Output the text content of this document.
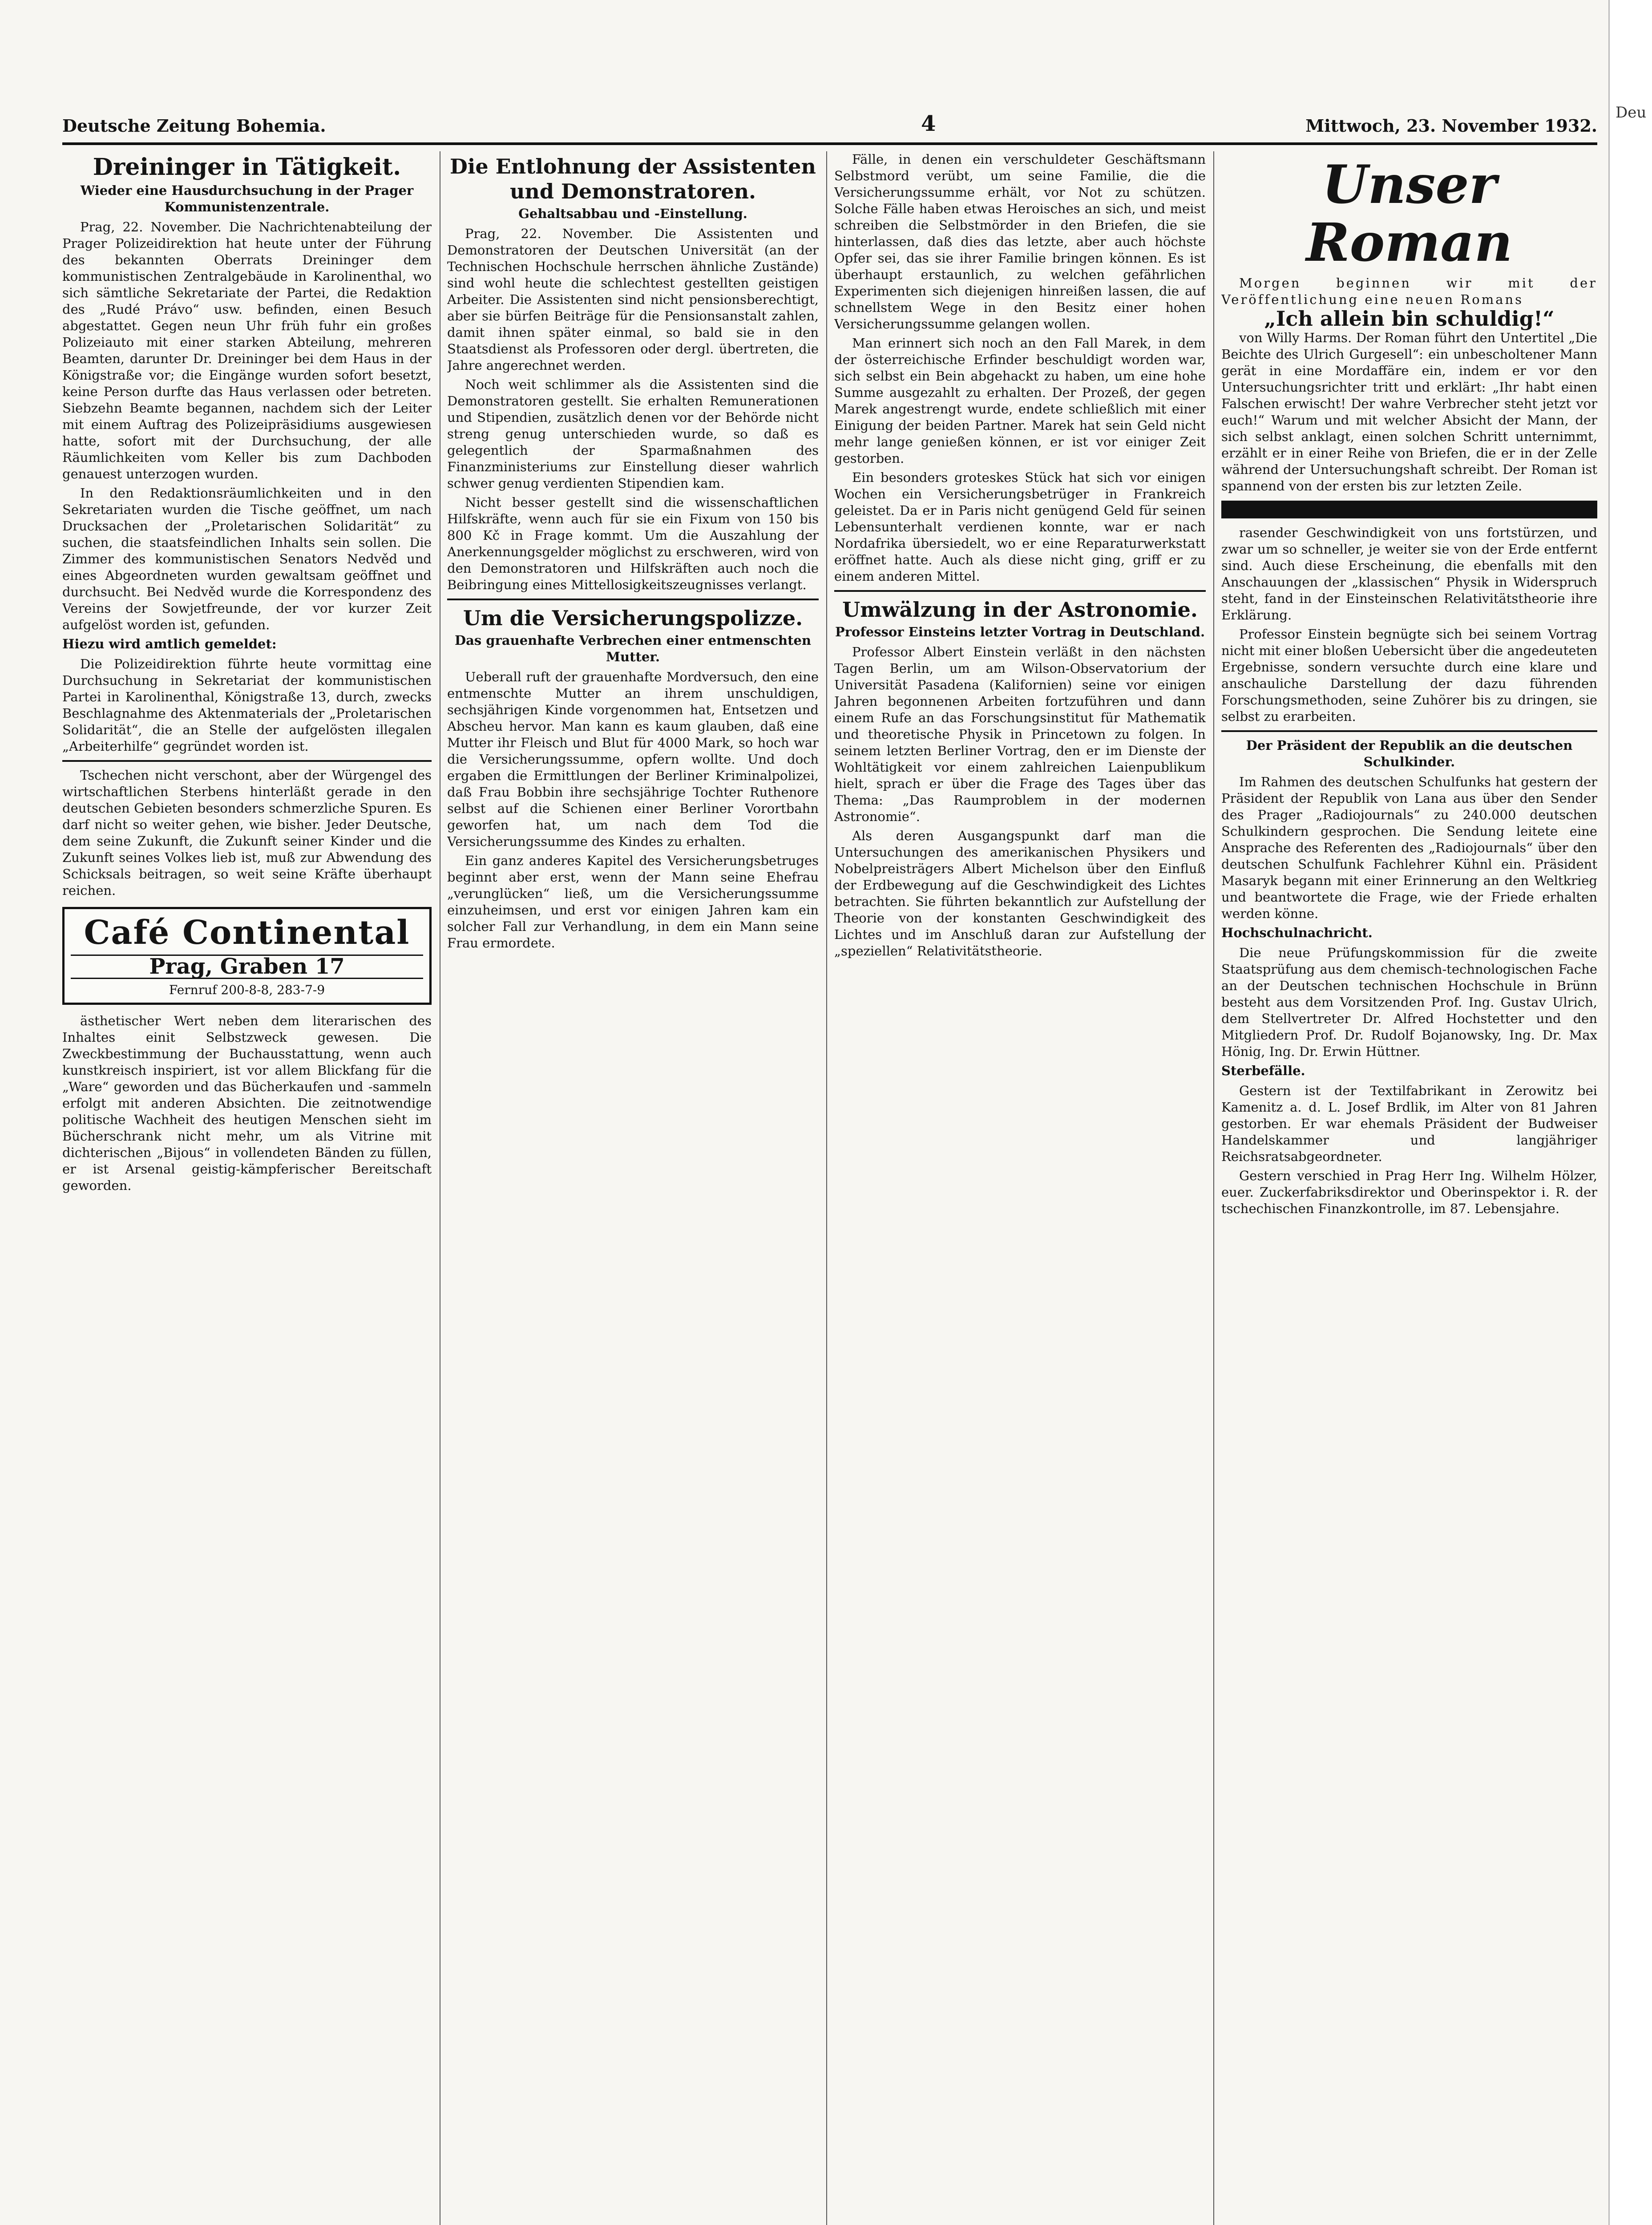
Deutsche Zeitung Bohemia.	4	Mittwoch, 23. November 1932.
Dreininger in Tätigkeit.
Wieder eine Hausdurchsuchung in der Prager Kommunistenzentrale.

Prag, 22. November. Die Nachrichtenabteilung der Prager Polizeidirektion hat heute unter der Führung des bekannten Oberrats Dreininger dem kommunistischen Zentralgebäude in Karolinenthal, wo sich sämtliche Sekretariate der Partei, die Redaktion des „Rudé Právo“ usw. befinden, einen Besuch abgestattet. Gegen neun Uhr früh fuhr ein großes Polizeiauto mit einer starken Abteilung, mehreren Beamten, darunter Dr. Dreininger bei dem Haus in der Königstraße vor; die Eingänge wurden sofort besetzt, keine Person durfte das Haus verlassen oder betreten. Siebzehn Beamte begannen, nachdem sich der Leiter mit einem Auftrag des Polizeipräsidiums ausgewiesen hatte, sofort mit der Durchsuchung, der alle Räumlichkeiten vom Keller bis zum Dachboden genauest unterzogen wurden.

In den Redaktionsräumlichkeiten und in den Sekretariaten wurden die Tische geöffnet, um nach Drucksachen der „Proletarischen Solidarität“ zu suchen, die staatsfeindlichen Inhalts sein sollen. Die Zimmer des kommunistischen Senators Nedvěd und eines Abgeordneten wurden gewaltsam geöffnet und durchsucht. Bei Nedvěd wurde die Korrespondenz des Vereins der Sowjetfreunde, der vor kurzer Zeit aufgelöst worden ist, gefunden.

Hiezu wird amtlich gemeldet:

Die Polizeidirektion führte heute vormittag eine Durchsuchung in Sekretariat der kommunistischen Partei in Karolinenthal, Königstraße 13, durch, zwecks Beschlagnahme des Aktenmaterials der „Proletarischen Solidarität“, die an Stelle der aufgelösten illegalen „Arbeiterhilfe“ gegründet worden ist.

Tschechen nicht verschont, aber der Würgengel des wirtschaftlichen Sterbens hinterläßt gerade in den deutschen Gebieten besonders schmerzliche Spuren. Es darf nicht so weiter gehen, wie bisher. Jeder Deutsche, dem seine Zukunft, die Zukunft seiner Kinder und die Zukunft seines Volkes lieb ist, muß zur Abwendung des Schicksals beitragen, so weit seine Kräfte überhaupt reichen.

Café Continental
Prag, Graben 17
Fernruf 200-8-8, 283-7-9

ästhetischer Wert neben dem literarischen des Inhaltes einit Selbstzweck gewesen. Die Zweckbestimmung der Buchausstattung, wenn auch kunstkreisch inspiriert, ist vor allem Blickfang für die „Ware“ geworden und das Bücherkaufen und -sammeln erfolgt mit anderen Absichten. Die zeitnotwendige politische Wachheit des heutigen Menschen sieht im Bücherschrank nicht mehr, um als Vitrine mit dichterischen „Bijous“ in vollendeten Bänden zu füllen, er ist Arsenal geistig-kämpferischer Bereitschaft geworden.

Die Entlohnung der Assistenten und Demonstratoren.
Gehaltsabbau und -Einstellung.

Prag, 22. November. Die Assistenten und Demonstratoren der Deutschen Universität (an der Technischen Hochschule herrschen ähnliche Zustände) sind wohl heute die schlechtest gestellten geistigen Arbeiter. Die Assistenten sind nicht pensionsberechtigt, aber sie bürfen Beiträge für die Pensionsanstalt zahlen, damit ihnen später einmal, so bald sie in den Staatsdienst als Professoren oder dergl. übertreten, die Jahre angerechnet werden.

Noch weit schlimmer als die Assistenten sind die Demonstratoren gestellt. Sie erhalten Remunerationen und Stipendien, zusätzlich denen vor der Behörde nicht streng genug unterschieden wurde, so daß es gelegentlich der Sparmaßnahmen des Finanzministeriums zur Einstellung dieser wahrlich schwer genug verdienten Stipendien kam.

Nicht besser gestellt sind die wissenschaftlichen Hilfskräfte, wenn auch für sie ein Fixum von 150 bis 800 Kč in Frage kommt. Um die Auszahlung der Anerkennungsgelder möglichst zu erschweren, wird von den Demonstratoren und Hilfskräften auch noch die Beibringung eines Mittellosigkeitszeugnisses verlangt.

Um die Versicherungspolizze.
Das grauenhafte Verbrechen einer entmenschten Mutter.

Ueberall ruft der grauenhafte Mordversuch, den eine entmenschte Mutter an ihrem unschuldigen, sechsjährigen Kinde vorgenommen hat, Entsetzen und Abscheu hervor. Man kann es kaum glauben, daß eine Mutter ihr Fleisch und Blut für 4000 Mark, so hoch war die Versicherungssumme, opfern wollte. Und doch ergaben die Ermittlungen der Berliner Kriminalpolizei, daß Frau Bobbin ihre sechsjährige Tochter Ruthenore selbst auf die Schienen einer Berliner Vorortbahn geworfen hat, um nach dem Tod die Versicherungssumme des Kindes zu erhalten.

Ein ganz anderes Kapitel des Versicherungsbetruges beginnt aber erst, wenn der Mann seine Ehefrau „verunglücken“ ließ, um die Versicherungssumme einzuheimsen, und erst vor einigen Jahren kam ein solcher Fall zur Verhandlung, in dem ein Mann seine Frau ermordete.

Fälle, in denen ein verschuldeter Geschäftsmann Selbstmord verübt, um seine Familie, die die Versicherungssumme erhält, vor Not zu schützen. Solche Fälle haben etwas Heroisches an sich, und meist schreiben die Selbstmörder in den Briefen, die sie hinterlassen, daß dies das letzte, aber auch höchste Opfer sei, das sie ihrer Familie bringen können. Es ist überhaupt erstaunlich, zu welchen gefährlichen Experimenten sich diejenigen hinreißen lassen, die auf schnellstem Wege in den Besitz einer hohen Versicherungssumme gelangen wollen.

Man erinnert sich noch an den Fall Marek, in dem der österreichische Erfinder beschuldigt worden war, sich selbst ein Bein abgehackt zu haben, um eine hohe Summe ausgezahlt zu erhalten. Der Prozeß, der gegen Marek angestrengt wurde, endete schließlich mit einer Einigung der beiden Partner. Marek hat sein Geld nicht mehr lange genießen können, er ist vor einiger Zeit gestorben.

Ein besonders groteskes Stück hat sich vor einigen Wochen ein Versicherungsbetrüger in Frankreich geleistet. Da er in Paris nicht genügend Geld für seinen Lebensunterhalt verdienen konnte, war er nach Nordafrika übersiedelt, wo er eine Reparaturwerkstatt eröffnet hatte. Auch als diese nicht ging, griff er zu einem anderen Mittel.

Umwälzung in der Astronomie.
Professor Einsteins letzter Vortrag in Deutschland.

Professor Albert Einstein verläßt in den nächsten Tagen Berlin, um am Wilson-Observatorium der Universität Pasadena (Kalifornien) seine vor einigen Jahren begonnenen Arbeiten fortzuführen und dann einem Rufe an das Forschungsinstitut für Mathematik und theoretische Physik in Princetown zu folgen. In seinem letzten Berliner Vortrag, den er im Dienste der Wohltätigkeit vor einem zahlreichen Laienpublikum hielt, sprach er über die Frage des Tages über das Thema: „Das Raumproblem in der modernen Astronomie“.

Als deren Ausgangspunkt darf man die Untersuchungen des amerikanischen Physikers und Nobelpreisträgers Albert Michelson über den Einfluß der Erdbewegung auf die Geschwindigkeit des Lichtes betrachten. Sie führten bekanntlich zur Aufstellung der Theorie von der konstanten Geschwindigkeit des Lichtes und im Anschluß daran zur Aufstellung der „speziellen“ Relativitätstheorie.

Unser Roman

Morgen beginnen wir mit der Veröffentlichung eine neuen Romans

„Ich allein bin schuldig!“

von Willy Harms. Der Roman führt den Untertitel „Die Beichte des Ulrich Gurgesell“: ein unbescholtener Mann gerät in eine Mordaffäre ein, indem er vor den Untersuchungsrichter tritt und erklärt: „Ihr habt einen Falschen erwischt! Der wahre Verbrecher steht jetzt vor euch!“ Warum und mit welcher Absicht der Mann, der sich selbst anklagt, einen solchen Schritt unternimmt, erzählt er in einer Reihe von Briefen, die er in der Zelle während der Untersuchungshaft schreibt. Der Roman ist spannend von der ersten bis zur letzten Zeile.

rasender Geschwindigkeit von uns fortstürzen, und zwar um so schneller, je weiter sie von der Erde entfernt sind. Auch diese Erscheinung, die ebenfalls mit den Anschauungen der „klassischen“ Physik in Widerspruch steht, fand in der Einsteinschen Relativitätstheorie ihre Erklärung.

Professor Einstein begnügte sich bei seinem Vortrag nicht mit einer bloßen Uebersicht über die angedeuteten Ergebnisse, sondern versuchte durch eine klare und anschauliche Darstellung der dazu führenden Forschungsmethoden, seine Zuhörer bis zu dringen, sie selbst zu erarbeiten.

Der Präsident der Republik an die deutschen Schulkinder.

Im Rahmen des deutschen Schulfunks hat gestern der Präsident der Republik von Lana aus über den Sender des Prager „Radiojournals“ zu 240.000 deutschen Schulkindern gesprochen. Die Sendung leitete eine Ansprache des Referenten des „Radiojournals“ über den deutschen Schulfunk Fachlehrer Kühnl ein. Präsident Masaryk begann mit einer Erinnerung an den Weltkrieg und beantwortete die Frage, wie der Friede erhalten werden könne.

Hochschulnachricht.

Die neue Prüfungskommission für die zweite Staatsprüfung aus dem chemisch-technologischen Fache an der Deutschen technischen Hochschule in Brünn besteht aus dem Vorsitzenden Prof. Ing. Gustav Ulrich, dem Stellvertreter Dr. Alfred Hochstetter und den Mitgliedern Prof. Dr. Rudolf Bojanowsky, Ing. Dr. Max Hönig, Ing. Dr. Erwin Hüttner.

Sterbefälle.

Gestern ist der Textilfabrikant in Zerowitz bei Kamenitz a. d. L. Josef Brdlik, im Alter von 81 Jahren gestorben. Er war ehemals Präsident der Budweiser Handelskammer und langjähriger Reichsratsabgeordneter.

Gestern verschied in Prag Herr Ing. Wilhelm Hölzer, euer. Zuckerfabriksdirektor und Oberinspektor i. R. der tschechischen Finanzkontrolle, im 87. Lebensjahre.

Deu
